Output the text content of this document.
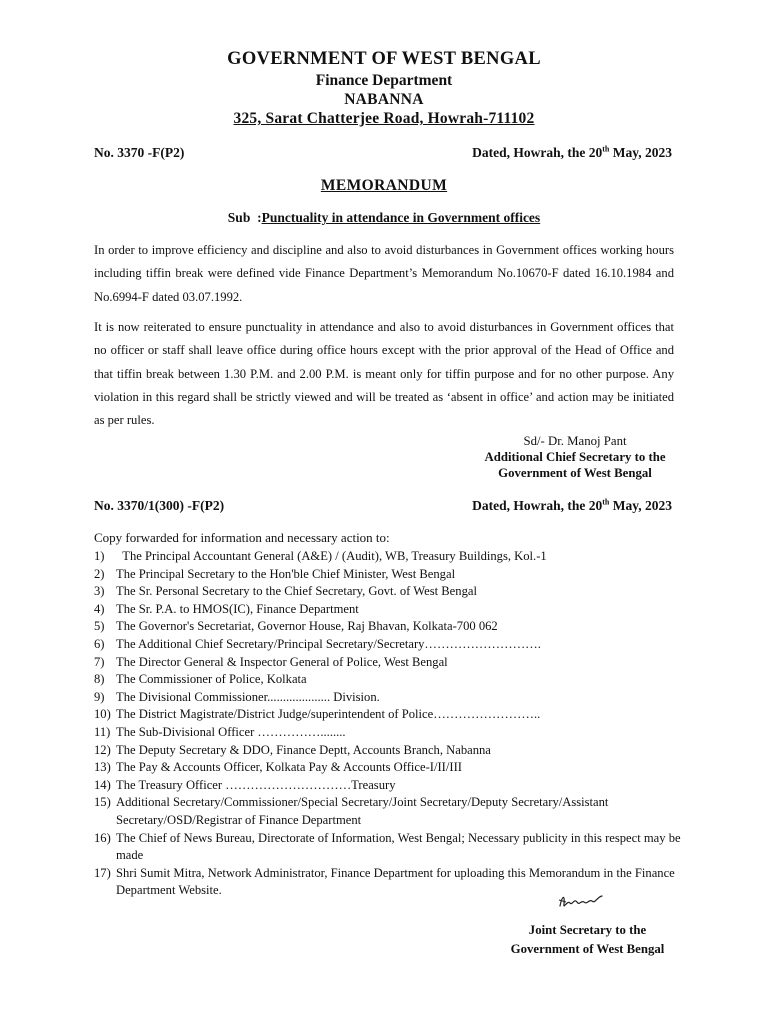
GOVERNMENT OF WEST BENGAL
Finance Department
NABANNA
325, Sarat Chatterjee Road, Howrah-711102
No. 3370 -F(P2)	Dated, Howrah, the 20th May, 2023
MEMORANDUM
Sub  :Punctuality in attendance in Government offices
In order to improve efficiency and discipline and also to avoid disturbances in Government offices working hours including tiffin break were defined vide Finance Department’s Memorandum No.10670-F dated 16.10.1984 and No.6994-F dated 03.07.1992.
It is now reiterated to ensure punctuality in attendance and also to avoid disturbances in Government offices that no officer or staff shall leave office during office hours except with the prior approval of the Head of Office and that tiffin break between 1.30 P.M. and 2.00 P.M. is meant only for tiffin purpose and for no other purpose. Any violation in this regard shall be strictly viewed and will be treated as ‘absent in office’ and action may be initiated as per rules.
Sd/- Dr. Manoj Pant
Additional Chief Secretary to the
Government of West Bengal
No. 3370/1(300) -F(P2)	Dated, Howrah, the 20th May, 2023
Copy forwarded for information and necessary action to:
1) The Principal Accountant General (A&E) / (Audit), WB, Treasury Buildings, Kol.-1
2) The Principal Secretary to the Hon'ble Chief Minister, West Bengal
3) The Sr. Personal Secretary to the Chief Secretary, Govt. of West Bengal
4) The Sr. P.A. to HMOS(IC), Finance Department
5) The Governor's Secretariat, Governor House, Raj Bhavan, Kolkata-700 062
6) The Additional Chief Secretary/Principal Secretary/Secretary……………………….
7) The Director General & Inspector General of Police, West Bengal
8) The Commissioner of Police, Kolkata
9) The Divisional Commissioner.................... Division.
10) The District Magistrate/District Judge/superintendent of Police……………………..
11) The Sub-Divisional Officer ……………........
12) The Deputy Secretary & DDO, Finance Deptt, Accounts Branch, Nabanna
13) The Pay & Accounts Officer, Kolkata Pay & Accounts Office-I/II/III
14) The Treasury Officer …………………………Treasury
15) Additional Secretary/Commissioner/Special Secretary/Joint Secretary/Deputy Secretary/Assistant Secretary/OSD/Registrar of Finance Department
16) The Chief of News Bureau, Directorate of Information, West Bengal; Necessary publicity in this respect may be made
17) Shri Sumit Mitra, Network Administrator, Finance Department for uploading this Memorandum in the Finance Department Website.
Joint Secretary to the
Government of West Bengal
